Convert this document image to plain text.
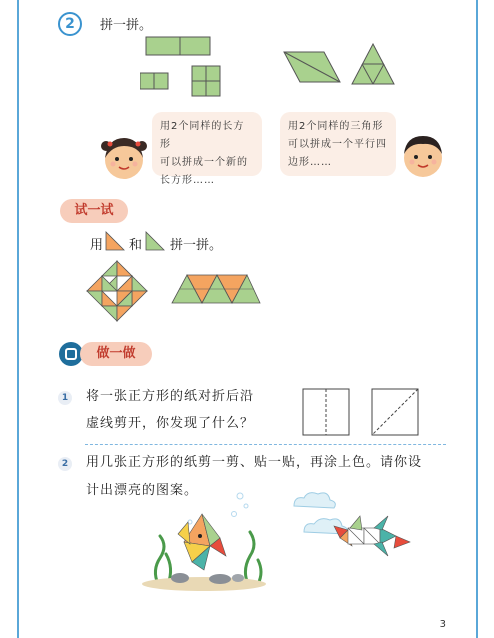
2	拼一拼。
用2个同样的长方形
可以拼成一个新的
长方形……
用2个同样的三角形
可以拼成一个平行四
边形……
试一试
用 和 拼一拼。
做一做
1 将一张正方形的纸对折后沿
虚线剪开，你发现了什么？
2 用几张正方形的纸剪一剪、贴一贴，再涂上色。请你设
计出漂亮的图案。
3
